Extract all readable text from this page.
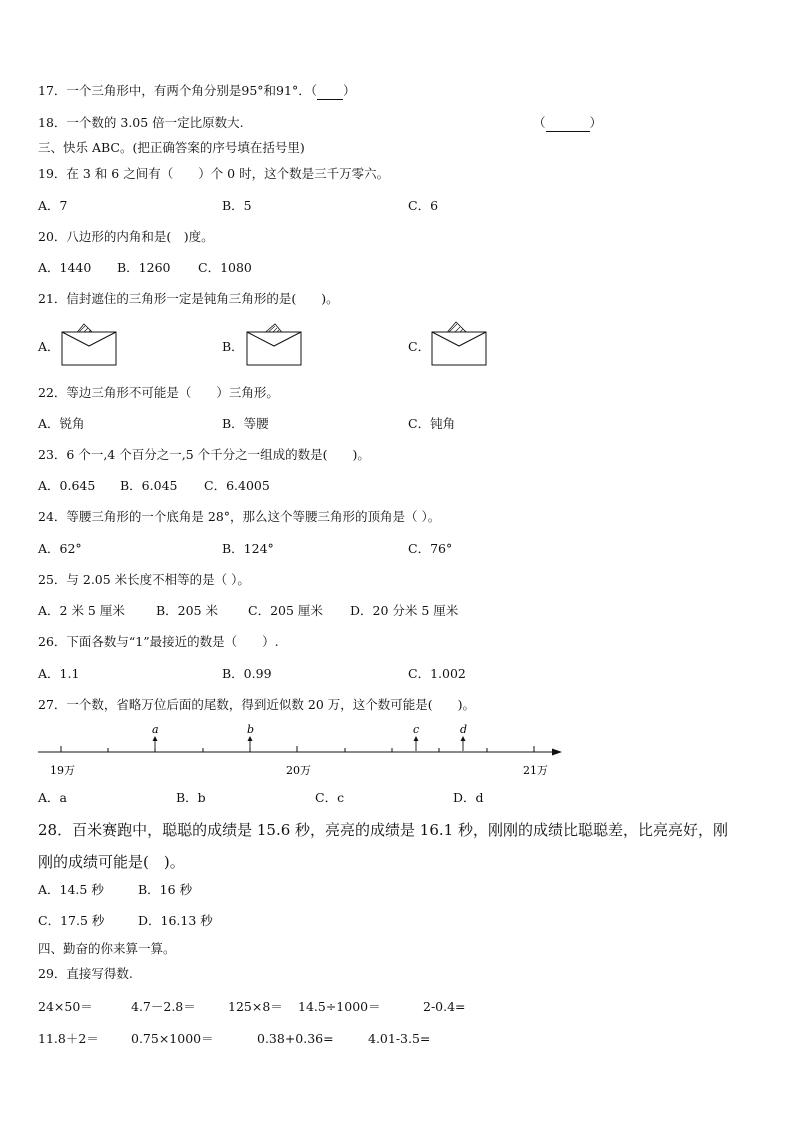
17．一个三角形中，有两个角分别是95°和91°．（ ）
18．一个数的 3.05 倍一定比原数大.	（	）
三、快乐 ABC。(把正确答案的序号填在括号里)
19．在 3 和 6 之间有（　　）个 0 时，这个数是三千万零六。
A．7	B．5	C．6
20．八边形的内角和是(　)度。
A．1440 B．1260 C．1080
21．信封遮住的三角形一定是钝角三角形的是(　　)。
A．	B．	C．
22．等边三角形不可能是（　　）三角形。
A．锐角	B．等腰	C．钝角
23．6 个一,4 个百分之一,5 个千分之一组成的数是(　　)。
A．0.645 B．6.045 C．6.4005
24．等腰三角形的一个底角是 28°，那么这个等腰三角形的顶角是（ ）。
A．62°	B．124°	C．76°
25．与 2.05 米长度不相等的是（ ）。
A．2 米 5 厘米 B．205 米 C．205 厘米 D．20 分米 5 厘米
26．下面各数与“1”最接近的数是（　　）.
A．1.1	B．0.99	C．1.002
27．一个数，省略万位后面的尾数，得到近似数 20 万，这个数可能是(　　)。
a	b	c	d
19万	20万	21万
A．a	B．b	C．c	D．d
28．百米赛跑中，聪聪的成绩是 15.6 秒，亮亮的成绩是 16.1 秒，刚刚的成绩比聪聪差，比亮亮好，刚
刚的成绩可能是(　)。
A．14.5 秒	B．16 秒
C．17.5 秒	D．16.13 秒
四、勤奋的你来算一算。
29．直接写得数.
24×50＝	4.7－2.8＝	125×8＝ 14.5÷1000＝	2-0.4=
11.8＋2＝	0.75×1000＝	0.38+0.36=	4.01-3.5=
